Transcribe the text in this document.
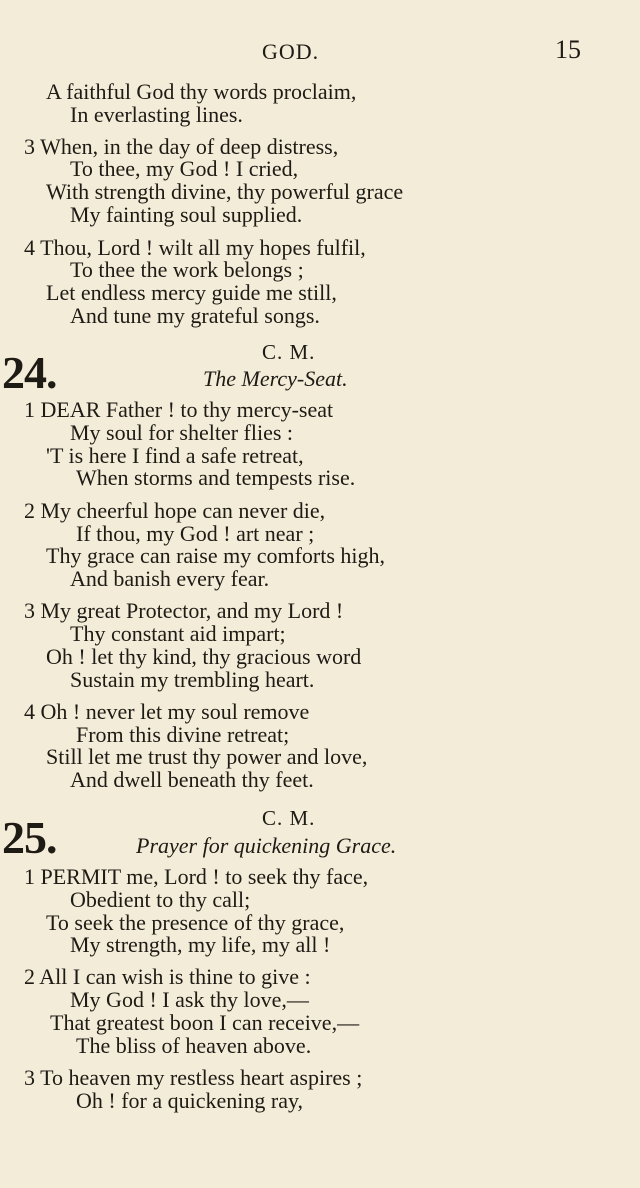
GOD.	15
A faithful God thy words proclaim,
In everlasting lines.
3 When, in the day of deep distress,
To thee, my God ! I cried,
With strength divine, thy powerful grace
My fainting soul supplied.
4 Thou, Lord ! wilt all my hopes fulfil,
To thee the work belongs ;
Let endless mercy guide me still,
And tune my grateful songs.
24.	C. M.
The Mercy-Seat.
1 DEAR Father ! to thy mercy-seat
My soul for shelter flies :
'T is here I find a safe retreat,
When storms and tempests rise.
2 My cheerful hope can never die,
If thou, my God ! art near ;
Thy grace can raise my comforts high,
And banish every fear.
3 My great Protector, and my Lord !
Thy constant aid impart;
Oh ! let thy kind, thy gracious word
Sustain my trembling heart.
4 Oh ! never let my soul remove
From this divine retreat;
Still let me trust thy power and love,
And dwell beneath thy feet.
25.	C. M.
Prayer for quickening Grace.
1 PERMIT me, Lord ! to seek thy face,
Obedient to thy call;
To seek the presence of thy grace,
My strength, my life, my all !
2 All I can wish is thine to give :
My God ! I ask thy love,—
That greatest boon I can receive,—
The bliss of heaven above.
3 To heaven my restless heart aspires ;
Oh ! for a quickening ray,
